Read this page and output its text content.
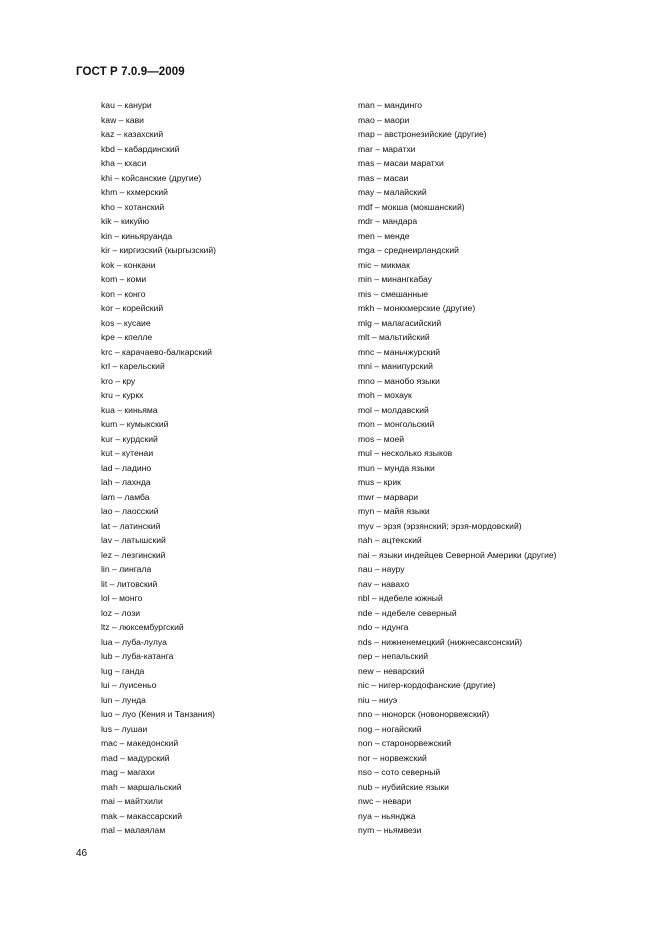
ГОСТ Р 7.0.9—2009
kau – канури
kaw – кави
kaz – казахский
kbd – кабардинский
kha – кхаси
khi – койсанские (другие)
khm – кхмерский
kho – хотанский
kik – кикуйю
kin – киньяруанда
kir – киргизский (кыргызский)
kok – конкани
kom – коми
kon – конго
kor – корейский
kos – кусаие
kpe – кпелле
krc – карачаево-балкарский
krl – карельский
kro – кру
kru – куркх
kua – киньяма
kum – кумыкский
kur – курдский
kut – кутенаи
lad – ладино
lah – лахнда
lam – ламба
lao – лаосский
lat – латинский
lav – латышский
lez – лезгинский
lin – лингала
lit – литовский
lol – монго
loz – лози
ltz – люксембургский
lua – луба-лулуа
lub – луба-катанга
lug – ганда
lui – луисеньо
lun – лунда
luo – луо (Кения и Танзания)
lus – лушаи
mac – македонский
mad – мадурский
mag – магахи
mah – маршальский
mai – майтхили
mak – макассарский
mal – малаялам
man – мандинго
mao – маори
map – австронезийские (другие)
mar – маратхи
mas – масаи маратхи
mas – масаи
may – малайский
mdf – мокша (мокшанский)
mdr – мандара
men – менде
mga – среднеирландский
mic – микмак
min – минангкабау
mis – смешанные
mkh – монкхмерские (другие)
mlg – малагасийский
mlt – мальтийский
mnc – маньчжурский
mni – манипурский
mno – манобо языки
moh – мохаук
mol – молдавский
mon – монгольский
mos – моей
mul – несколько языков
mun – мунда языки
mus – крик
mwr – марвари
myn – майя языки
myv – эрзя (эрзянский; эрзя-мордовский)
nah – ацтекский
nai – языки индейцев Северной Америки (другие)
nau – науру
nav – навахо
nbl – ндебеле южный
nde – ндебеле северный
ndo – ндунга
nds – нижненемецкий (нижнесаксонский)
nep – непальский
new – неварский
nic – нигер-кордофанские (другие)
niu – ниуэ
nno – нюнорск (новонорвежский)
nog – ногайский
non – старонорвежский
nor – норвежский
nso – сото северный
nub – нубийские языки
nwc – невари
nya – ньянджа
nym – ньямвези
46
